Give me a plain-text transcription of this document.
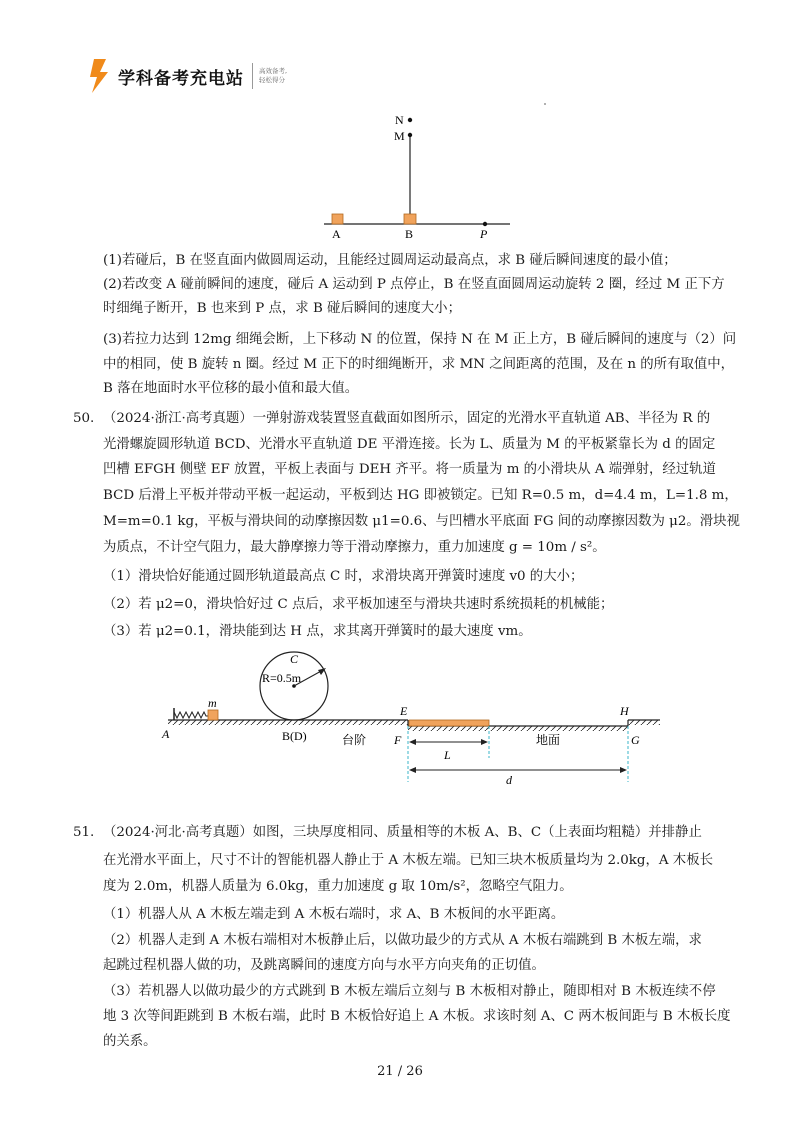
学科备考充电站 高效备考,
轻松得分
N
M
A	B	P
(1)若碰后，B 在竖直面内做圆周运动，且能经过圆周运动最高点，求 B 碰后瞬间速度的最小值；
(2)若改变 A 碰前瞬间的速度，碰后 A 运动到 P 点停止，B 在竖直面圆周运动旋转 2 圈，经过 M 正下方
时细绳子断开，B 也来到 P 点，求 B 碰后瞬间的速度大小；
(3)若拉力达到 12mg 细绳会断，上下移动 N 的位置，保持 N 在 M 正上方，B 碰后瞬间的速度与（2）问
中的相同，使 B 旋转 n 圈。经过 M 正下的时细绳断开，求 MN 之间距离的范围，及在 n 的所有取值中，
B 落在地面时水平位移的最小值和最大值。
50. （2024·浙江·高考真题）一弹射游戏装置竖直截面如图所示，固定的光滑水平直轨道 AB、半径为 R 的
光滑螺旋圆形轨道 BCD、光滑水平直轨道 DE 平滑连接。长为 L、质量为 M 的平板紧靠长为 d 的固定
凹槽 EFGH 侧壁 EF 放置，平板上表面与 DEH 齐平。将一质量为 m 的小滑块从 A 端弹射，经过轨道
BCD 后滑上平板并带动平板一起运动，平板到达 HG 即被锁定。已知 R=0.5 m，d=4.4 m，L=1.8 m，
M=m=0.1 kg，平板与滑块间的动摩擦因数 μ1=0.6、与凹槽水平底面 FG 间的动摩擦因数为 μ2。滑块视
为质点，不计空气阻力，最大静摩擦力等于滑动摩擦力，重力加速度 g = 10m / s²。
（1）滑块恰好能通过圆形轨道最高点 C 时，求滑块离开弹簧时速度 v0 的大小；
（2）若 μ2=0，滑块恰好过 C 点后，求平板加速至与滑块共速时系统损耗的机械能；
（3）若 μ2=0.1，滑块能到达 H 点，求其离开弹簧时的最大速度 vm。
m
A
C
R=0.5m
B(D)	台阶
E
F
H
G
地面
L
d
51. （2024·河北·高考真题）如图，三块厚度相同、质量相等的木板 A、B、C（上表面均粗糙）并排静止
在光滑水平面上，尺寸不计的智能机器人静止于 A 木板左端。已知三块木板质量均为 2.0kg，A 木板长
度为 2.0m，机器人质量为 6.0kg，重力加速度 g 取 10m/s²，忽略空气阻力。
（1）机器人从 A 木板左端走到 A 木板右端时，求 A、B 木板间的水平距离。
（2）机器人走到 A 木板右端相对木板静止后，以做功最少的方式从 A 木板右端跳到 B 木板左端，求
起跳过程机器人做的功，及跳离瞬间的速度方向与水平方向夹角的正切值。
（3）若机器人以做功最少的方式跳到 B 木板左端后立刻与 B 木板相对静止，随即相对 B 木板连续不停
地 3 次等间距跳到 B 木板右端，此时 B 木板恰好追上 A 木板。求该时刻 A、C 两木板间距与 B 木板长度
的关系。
21 / 26
